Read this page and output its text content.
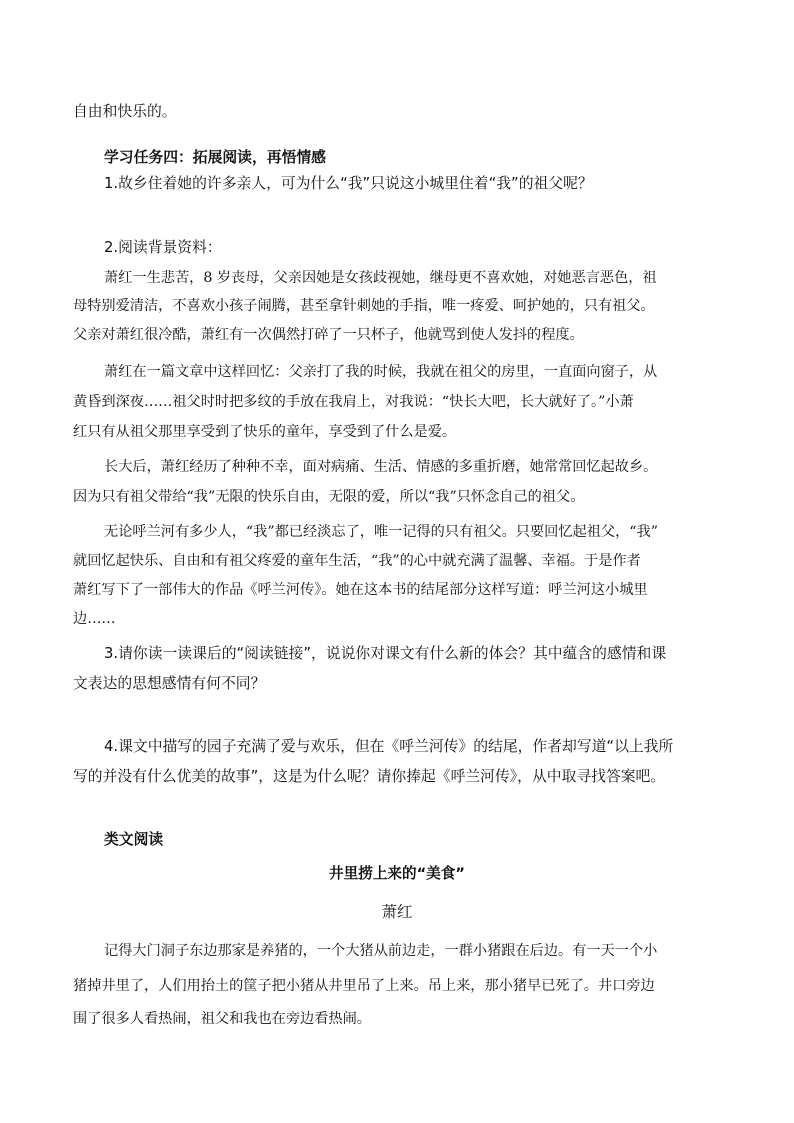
自由和快乐的。

学习任务四：拓展阅读，再悟情感

1.故乡住着她的许多亲人，可为什么“我”只说这小城里住着“我”的祖父呢？

2.阅读背景资料：

萧红一生悲苦，8 岁丧母，父亲因她是女孩歧视她，继母更不喜欢她，对她恶言恶色，祖

母特别爱清洁，不喜欢小孩子闹腾，甚至拿针刺她的手指，唯一疼爱、呵护她的，只有祖父。

父亲对萧红很冷酷，萧红有一次偶然打碎了一只杯子，他就骂到使人发抖的程度。

萧红在一篇文章中这样回忆：父亲打了我的时候，我就在祖父的房里，一直面向窗子，从

黄昏到深夜……祖父时时把多纹的手放在我肩上，对我说：“快长大吧，长大就好了。”小萧

红只有从祖父那里享受到了快乐的童年，享受到了什么是爱。

长大后，萧红经历了种种不幸，面对病痛、生活、情感的多重折磨，她常常回忆起故乡。

因为只有祖父带给“我”无限的快乐自由，无限的爱，所以“我”只怀念自己的祖父。

无论呼兰河有多少人，“我”都已经淡忘了，唯一记得的只有祖父。只要回忆起祖父，“我”

就回忆起快乐、自由和有祖父疼爱的童年生活，“我”的心中就充满了温馨、幸福。于是作者

萧红写下了一部伟大的作品《呼兰河传》。她在这本书的结尾部分这样写道：呼兰河这小城里

边……

3.请你读一读课后的“阅读链接”，说说你对课文有什么新的体会？其中蕴含的感情和课

文表达的思想感情有何不同？

4.课文中描写的园子充满了爱与欢乐，但在《呼兰河传》的结尾，作者却写道“以上我所

写的并没有什么优美的故事”，这是为什么呢？请你捧起《呼兰河传》，从中取寻找答案吧。

类文阅读

井里捞上来的“美食”

萧红

记得大门洞子东边那家是养猪的，一个大猪从前边走，一群小猪跟在后边。有一天一个小

猪掉井里了，人们用抬土的筐子把小猪从井里吊了上来。吊上来，那小猪早已死了。井口旁边

围了很多人看热闹，祖父和我也在旁边看热闹。
